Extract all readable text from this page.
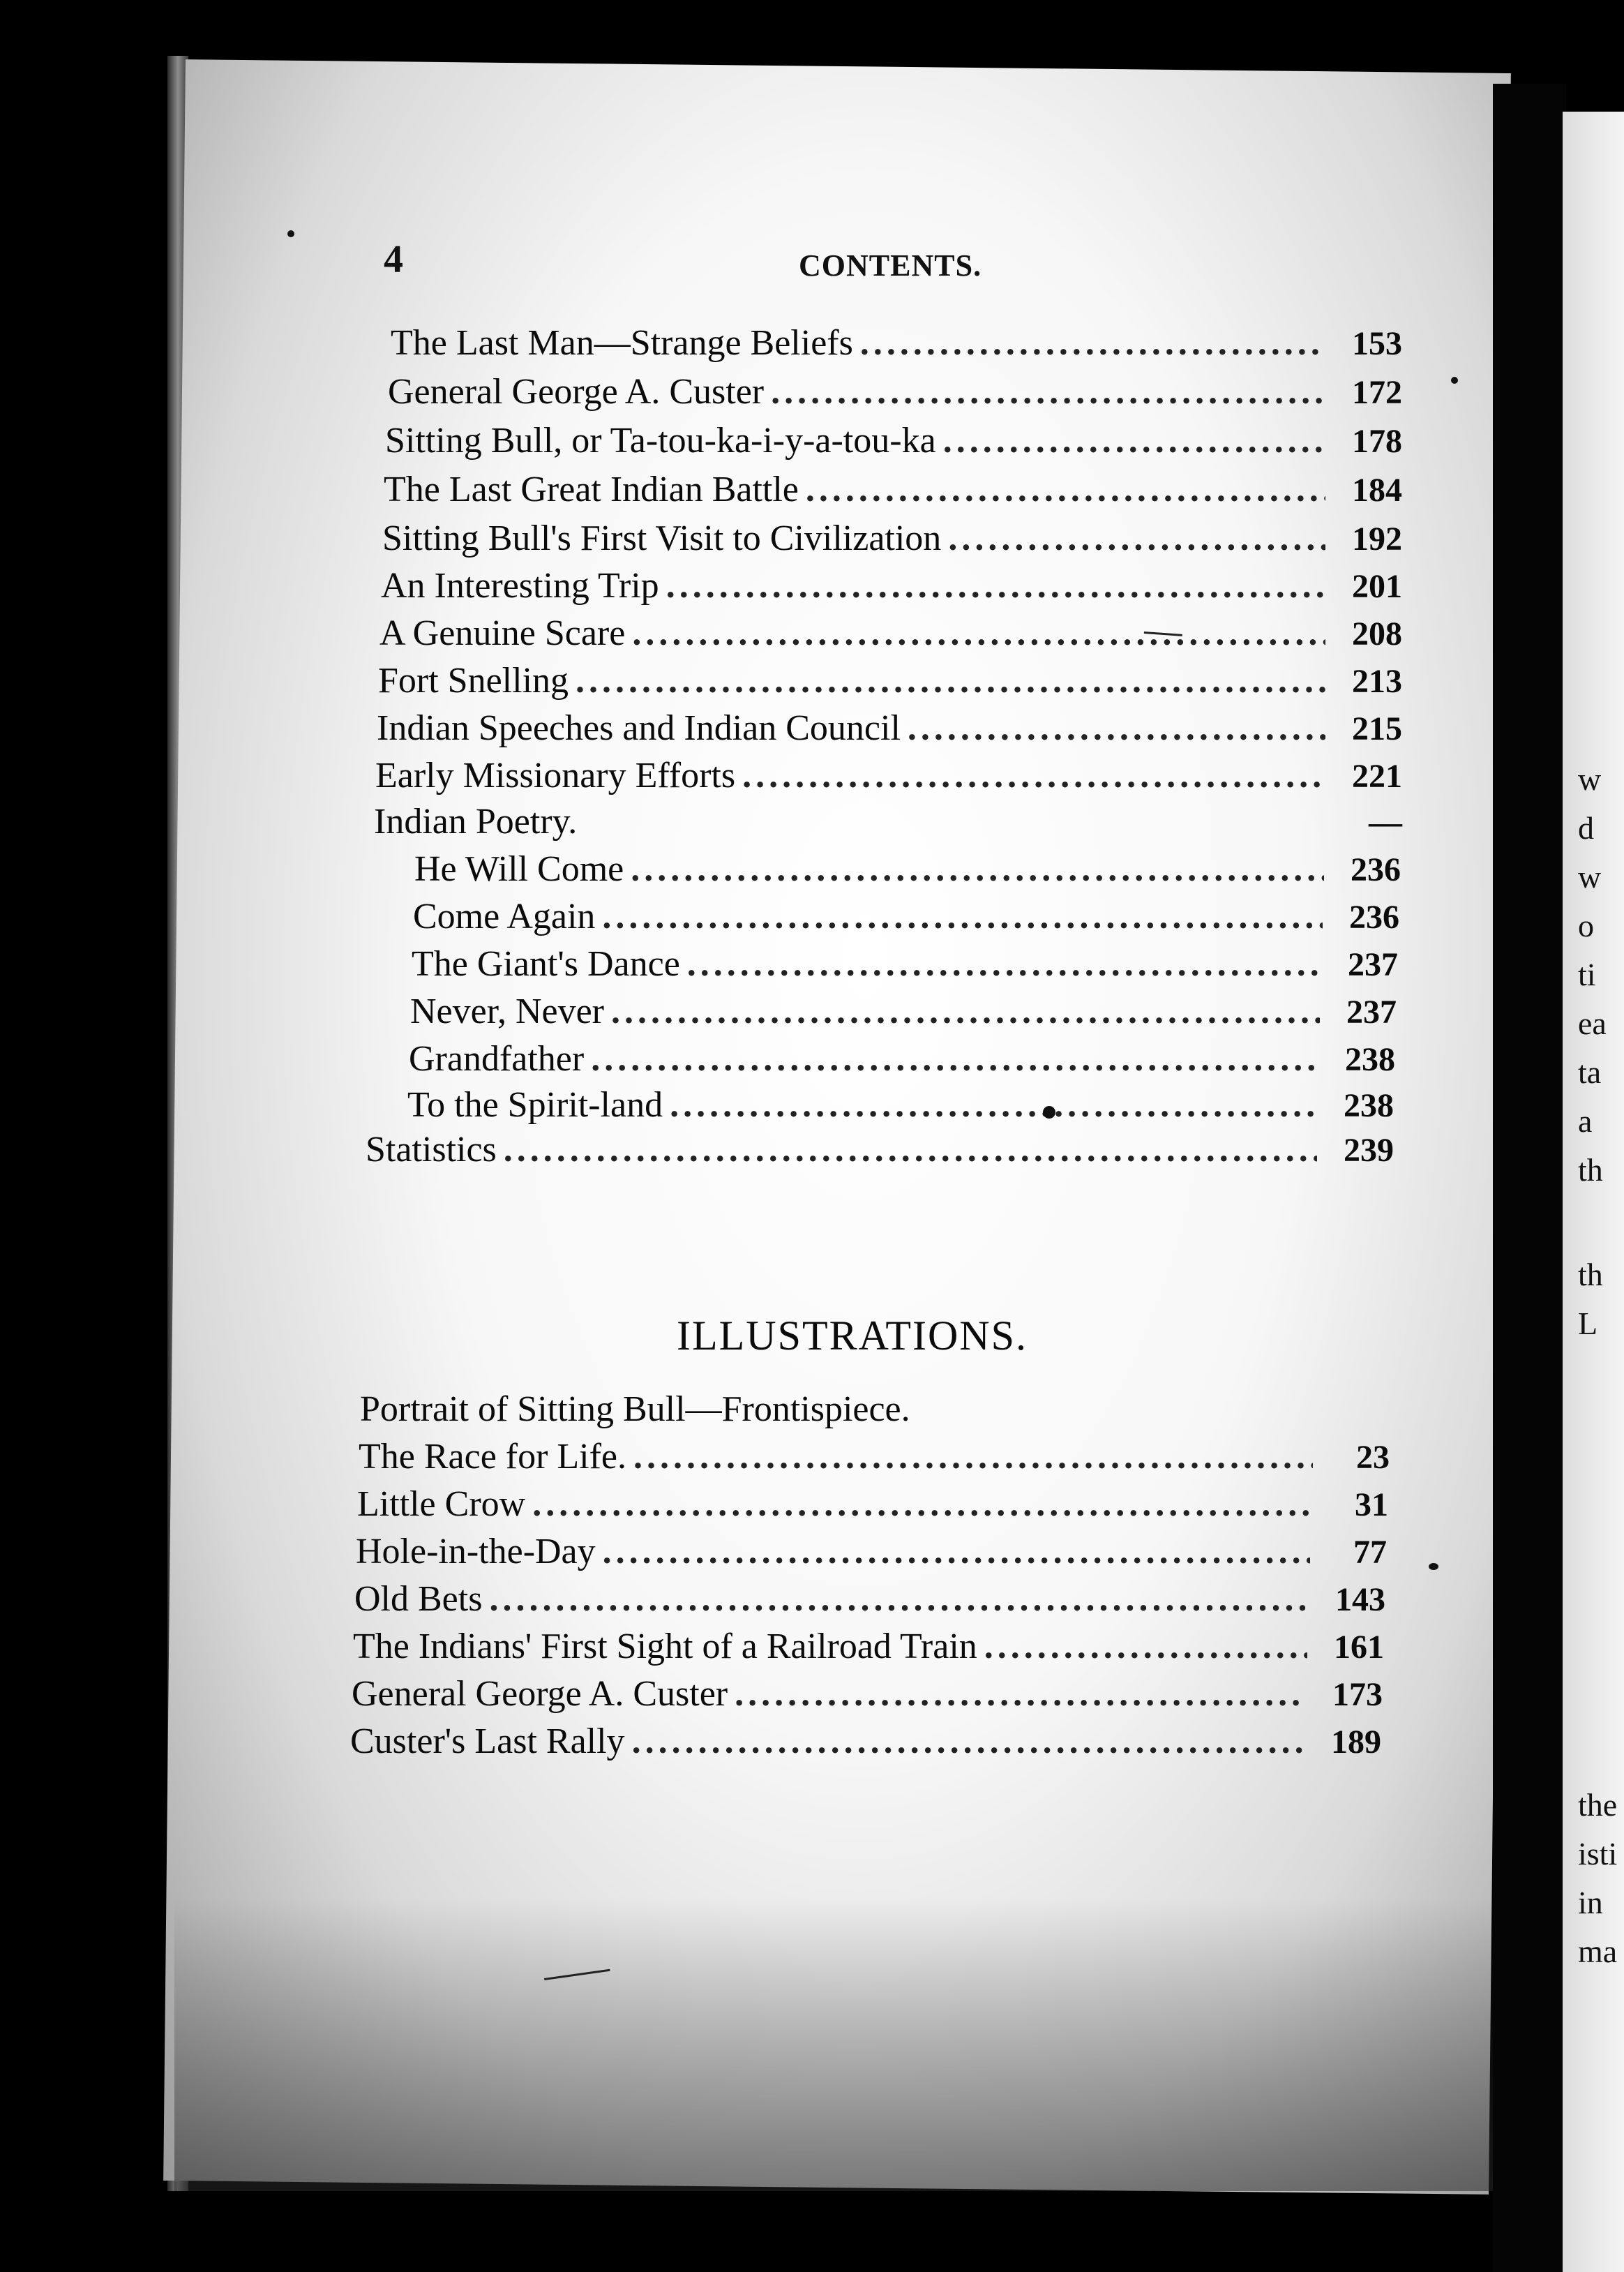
4	CONTENTS.
The Last Man—Strange Beliefs .....	153
General George A. Custer .....	172
Sitting Bull, or Ta-tou-ka-i-y-a-tou-ka .....	178
The Last Great Indian Battle .....	184
Sitting Bull's First Visit to Civilization .....	192
An Interesting Trip .....	201
A Genuine Scare .....	208
Fort Snelling .....	213
Indian Speeches and Indian Council .....	215
Early Missionary Efforts .....	221
Indian Poetry.	—
He Will Come .....	236
Come Again .....	236
The Giant's Dance .....	237
Never, Never .....	237
Grandfather .....	238
To the Spirit-land .....	238
Statistics .....	239
ILLUSTRATIONS.
Portrait of Sitting Bull—Frontispiece.
The Race for Life. .....	23
Little Crow .....	31
Hole-in-the-Day .....	77
Old Bets .....	143
The Indians' First Sight of a Railroad Train .....	161
General George A. Custer .....	173
Custer's Last Rally .....	189
th
L
w
d
w
o
ti
ea
ta
a
th
the
isti
in
ma
